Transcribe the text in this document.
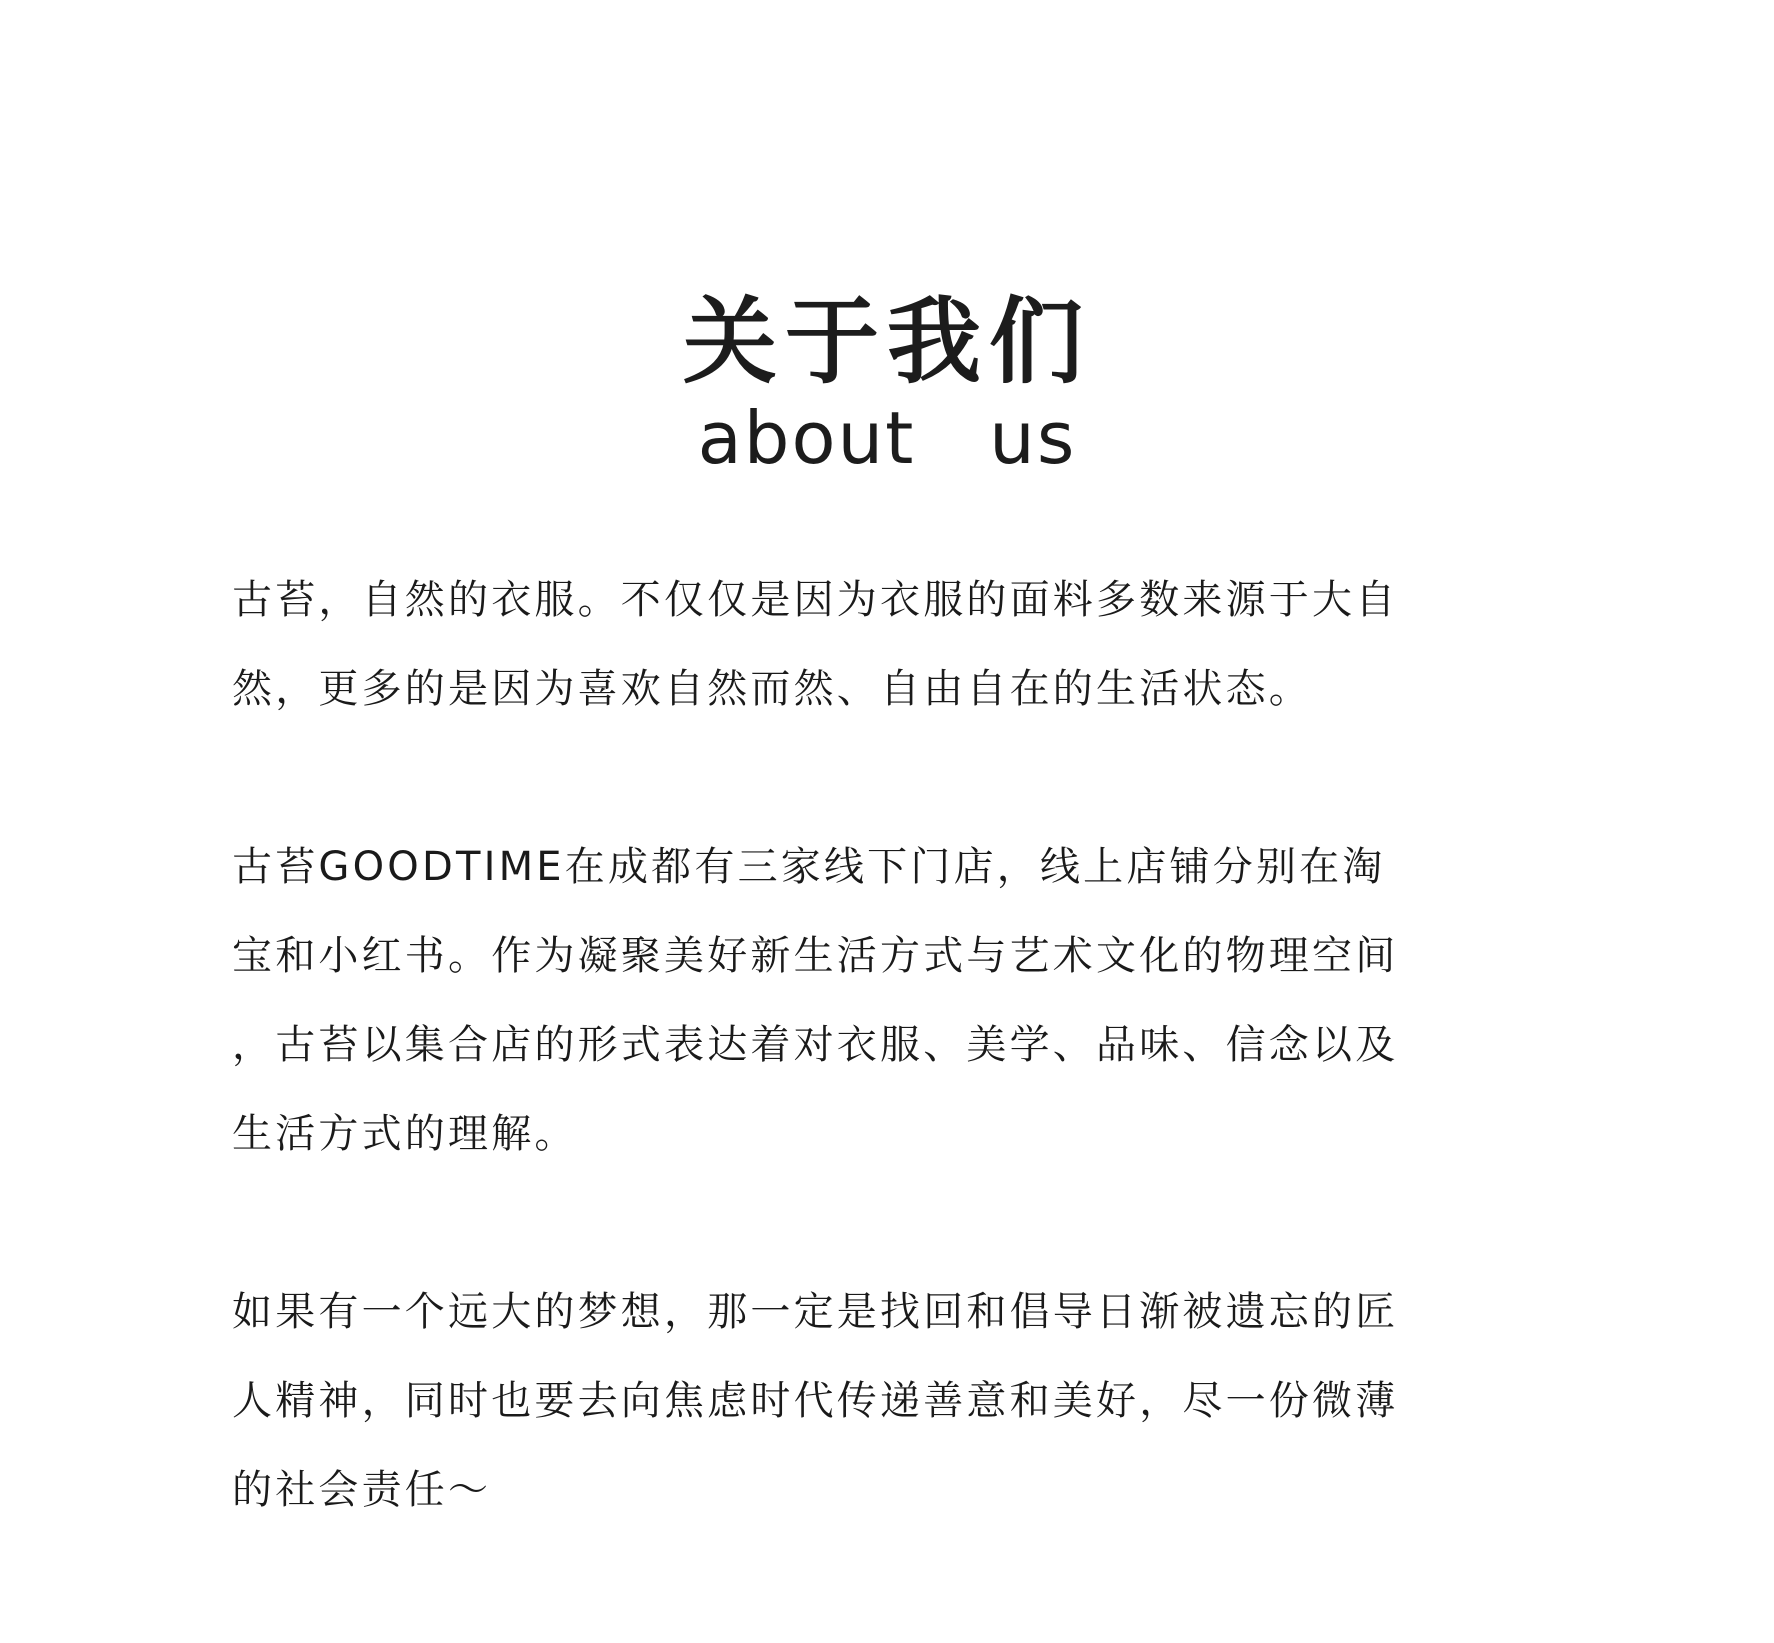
关于我们
about  us

古苔，自然的衣服。不仅仅是因为衣服的面料多数来源于大自
然，更多的是因为喜欢自然而然、自由自在的生活状态。

古苔GOODTIME在成都有三家线下门店，线上店铺分别在淘
宝和小红书。作为凝聚美好新生活方式与艺术文化的物理空间
，古苔以集合店的形式表达着对衣服、美学、品味、信念以及
生活方式的理解。

如果有一个远大的梦想，那一定是找回和倡导日渐被遗忘的匠
人精神，同时也要去向焦虑时代传递善意和美好，尽一份微薄
的社会责任～
